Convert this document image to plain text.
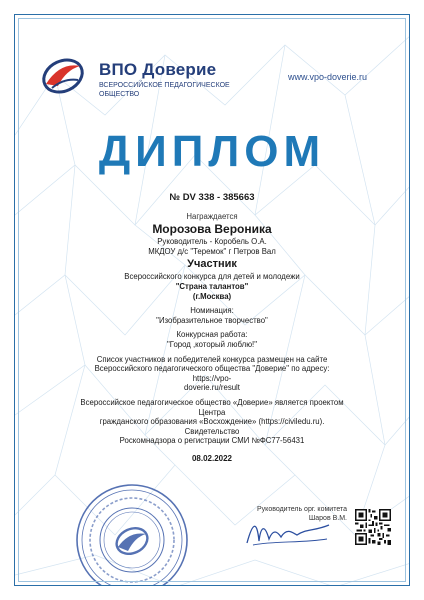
ВПО Доверие
ВСЕРОССИЙСКОЕ ПЕДАГОГИЧЕСКОЕ
ОБЩЕСТВО
www.vpo-doverie.ru
ДИПЛОМ
№ DV 338 - 385663
Награждается
Морозова Вероника
Руководитель - Коробель О.А.
МКДОУ д/с "Теремок" г Петров Вал
Участник
Всероссийского конкурса для детей и молодежи
"Страна талантов"
(г.Москва)
Номинация:
"Изобразительное творчество"
Конкурсная работа:
"Город ,который люблю!"
Список участников и победителей конкурса размещен на сайте
Всероссийского педагогического общества "Доверие" по адресу: https://vpo-
doverie.ru/result
Всероссийское педагогическое общество «Доверие» является проектом Центра
гражданского образования «Восхождение» (https://civiledu.ru). Свидетельство
Роскомнадзора о регистрации СМИ №ФС77-56431
08.02.2022
Руководитель орг. комитета
Шаров В.М.
